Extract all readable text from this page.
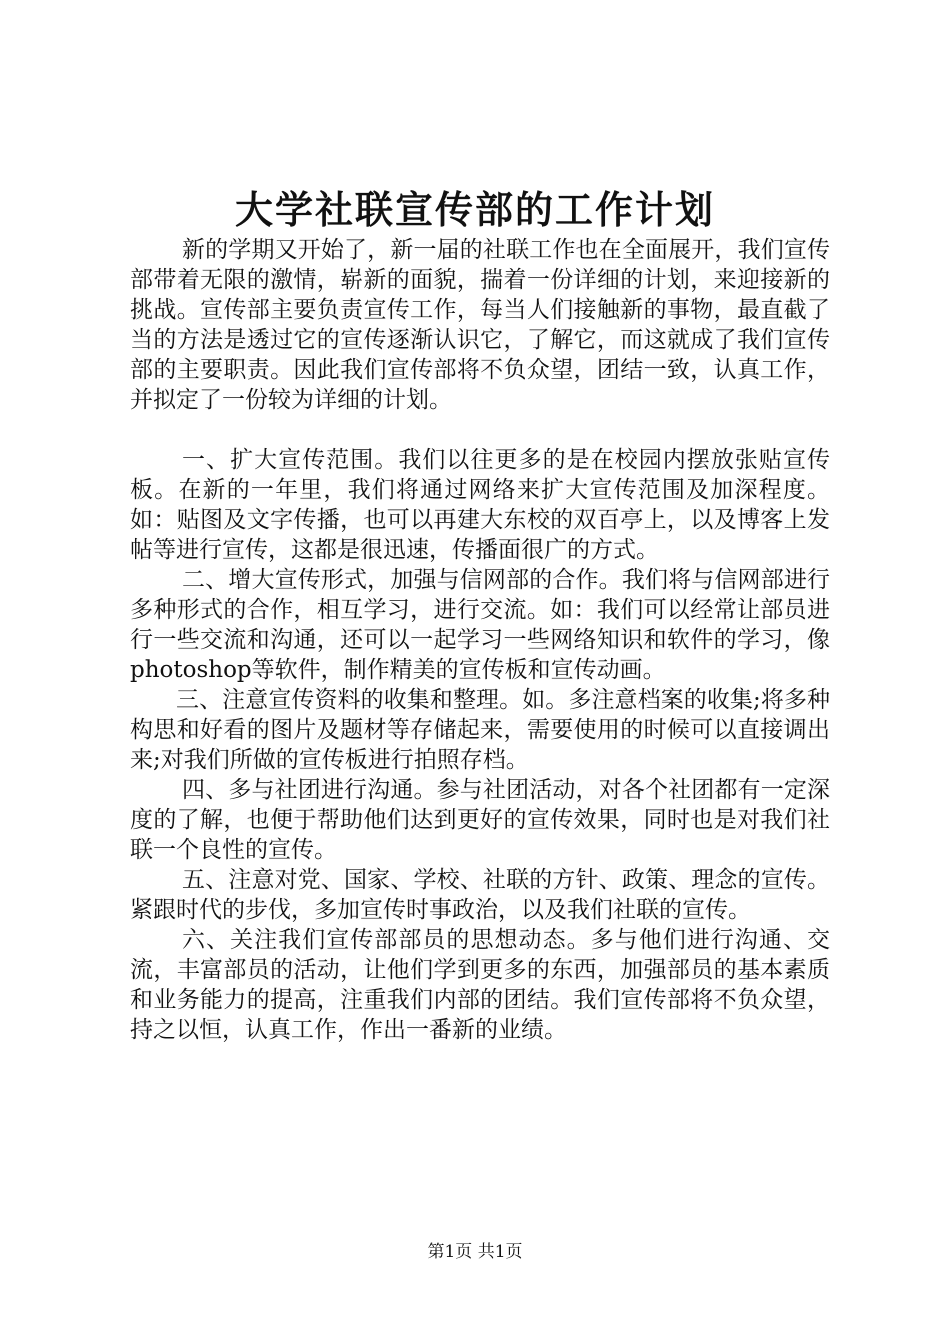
大学社联宣传部的工作计划

新的学期又开始了，新一届的社联工作也在全面展开，我们宣传部带着无限的激情，崭新的面貌，揣着一份详细的计划，来迎接新的挑战。宣传部主要负责宣传工作，每当人们接触新的事物，最直截了当的方法是透过它的宣传逐渐认识它，了解它，而这就成了我们宣传部的主要职责。因此我们宣传部将不负众望，团结一致，认真工作，并拟定了一份较为详细的计划。

一、扩大宣传范围。我们以往更多的是在校园内摆放张贴宣传板。在新的一年里，我们将通过网络来扩大宣传范围及加深程度。如：贴图及文字传播，也可以再建大东校的双百亭上，以及博客上发帖等进行宣传，这都是很迅速，传播面很广的方式。

二、增大宣传形式，加强与信网部的合作。我们将与信网部进行多种形式的合作，相互学习，进行交流。如：我们可以经常让部员进行一些交流和沟通，还可以一起学习一些网络知识和软件的学习，像photoshop等软件，制作精美的宣传板和宣传动画。

三、注意宣传资料的收集和整理。如。多注意档案的收集;将多种构思和好看的图片及题材等存储起来，需要使用的时候可以直接调出来;对我们所做的宣传板进行拍照存档。

四、多与社团进行沟通。参与社团活动，对各个社团都有一定深度的了解，也便于帮助他们达到更好的宣传效果，同时也是对我们社联一个良性的宣传。

五、注意对党、国家、学校、社联的方针、政策、理念的宣传。紧跟时代的步伐，多加宣传时事政治，以及我们社联的宣传。

六、关注我们宣传部部员的思想动态。多与他们进行沟通、交流，丰富部员的活动，让他们学到更多的东西，加强部员的基本素质和业务能力的提高，注重我们内部的团结。我们宣传部将不负众望，持之以恒，认真工作，作出一番新的业绩。

第1页 共1页
